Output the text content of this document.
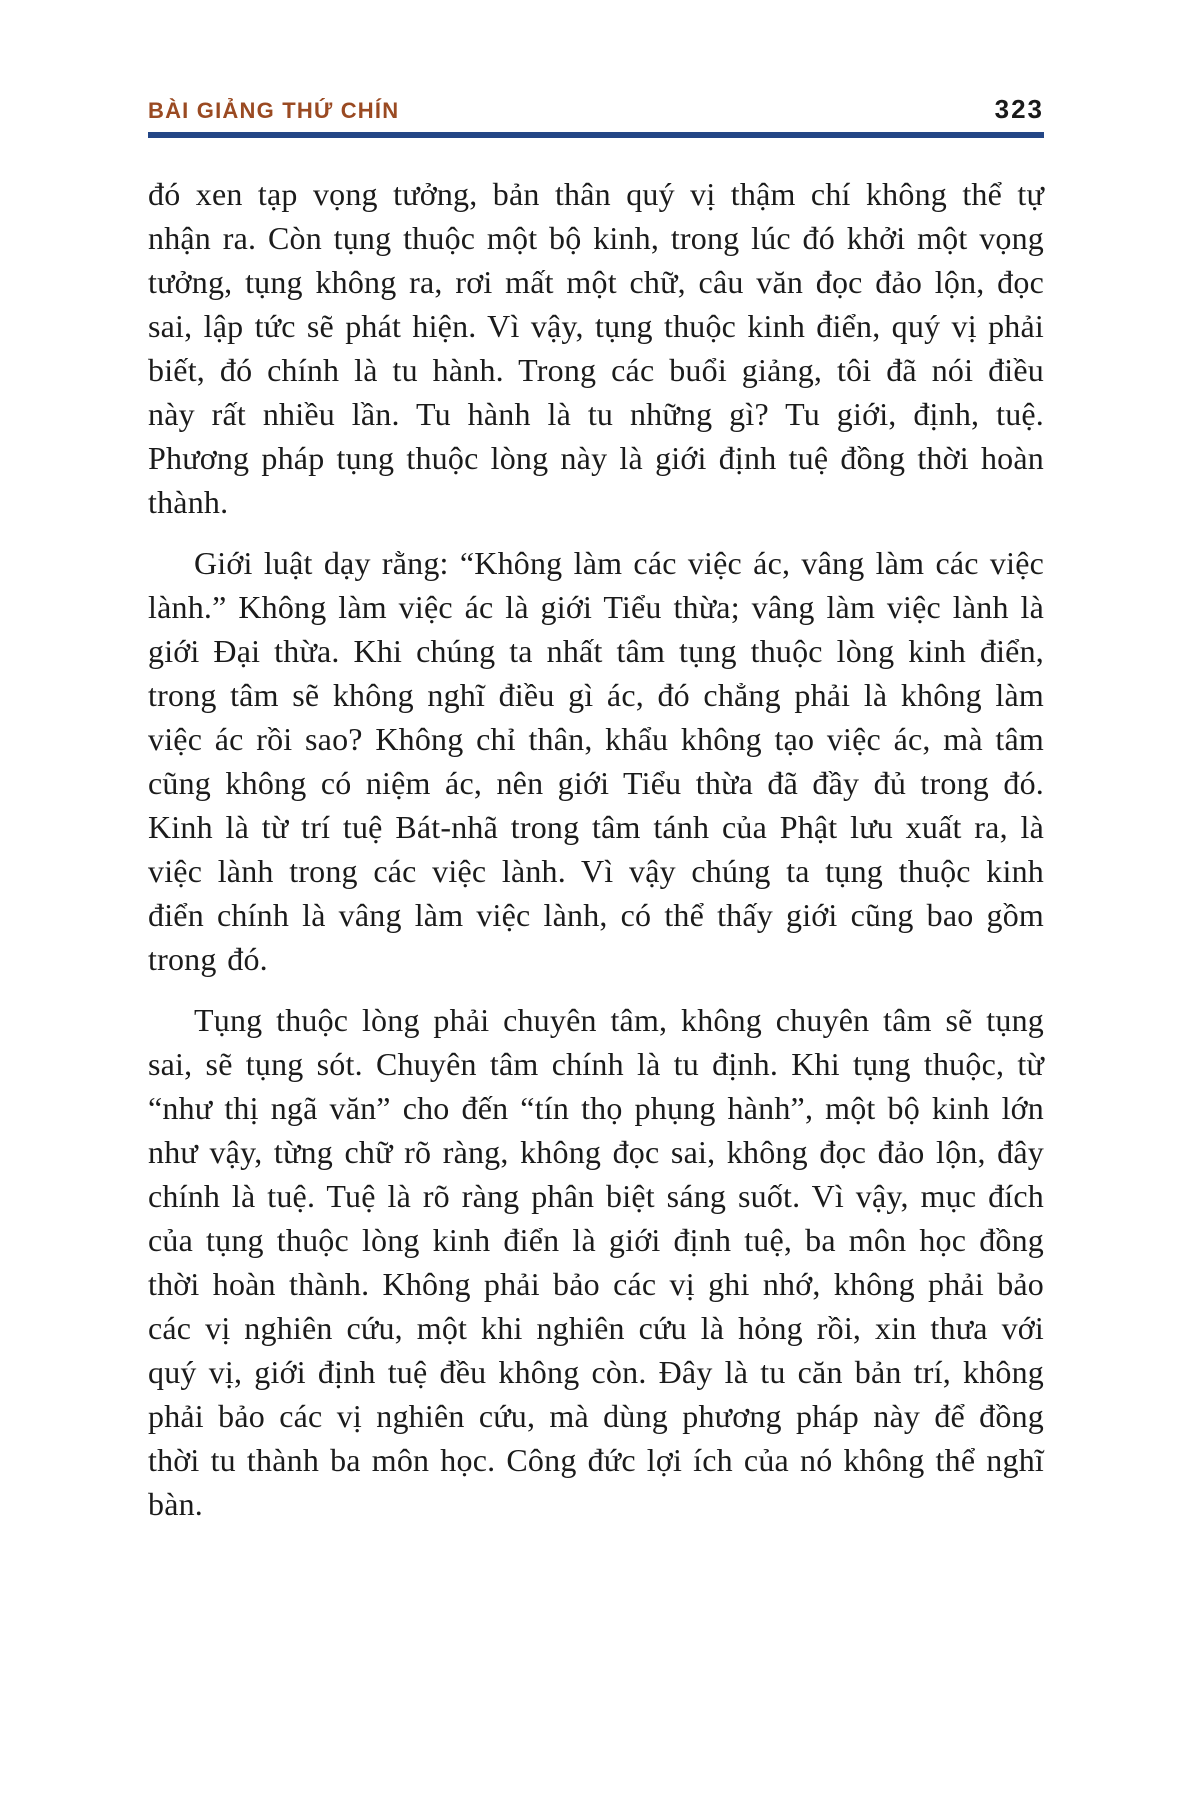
BÀI GIẢNG THỨ CHÍN	323

đó xen tạp vọng tưởng, bản thân quý vị thậm chí không thể tự nhận ra. Còn tụng thuộc một bộ kinh, trong lúc đó khởi một vọng tưởng, tụng không ra, rơi mất một chữ, câu văn đọc đảo lộn, đọc sai, lập tức sẽ phát hiện. Vì vậy, tụng thuộc kinh điển, quý vị phải biết, đó chính là tu hành. Trong các buổi giảng, tôi đã nói điều này rất nhiều lần. Tu hành là tu những gì? Tu giới, định, tuệ. Phương pháp tụng thuộc lòng này là giới định tuệ đồng thời hoàn thành.

Giới luật dạy rằng: “Không làm các việc ác, vâng làm các việc lành.” Không làm việc ác là giới Tiểu thừa; vâng làm việc lành là giới Đại thừa. Khi chúng ta nhất tâm tụng thuộc lòng kinh điển, trong tâm sẽ không nghĩ điều gì ác, đó chẳng phải là không làm việc ác rồi sao? Không chỉ thân, khẩu không tạo việc ác, mà tâm cũng không có niệm ác, nên giới Tiểu thừa đã đầy đủ trong đó. Kinh là từ trí tuệ Bát-nhã trong tâm tánh của Phật lưu xuất ra, là việc lành trong các việc lành. Vì vậy chúng ta tụng thuộc kinh điển chính là vâng làm việc lành, có thể thấy giới cũng bao gồm trong đó.

Tụng thuộc lòng phải chuyên tâm, không chuyên tâm sẽ tụng sai, sẽ tụng sót. Chuyên tâm chính là tu định. Khi tụng thuộc, từ “như thị ngã văn” cho đến “tín thọ phụng hành”, một bộ kinh lớn như vậy, từng chữ rõ ràng, không đọc sai, không đọc đảo lộn, đây chính là tuệ. Tuệ là rõ ràng phân biệt sáng suốt. Vì vậy, mục đích của tụng thuộc lòng kinh điển là giới định tuệ, ba môn học đồng thời hoàn thành. Không phải bảo các vị ghi nhớ, không phải bảo các vị nghiên cứu, một khi nghiên cứu là hỏng rồi, xin thưa với quý vị, giới định tuệ đều không còn. Đây là tu căn bản trí, không phải bảo các vị nghiên cứu, mà dùng phương pháp này để đồng thời tu thành ba môn học. Công đức lợi ích của nó không thể nghĩ bàn.
